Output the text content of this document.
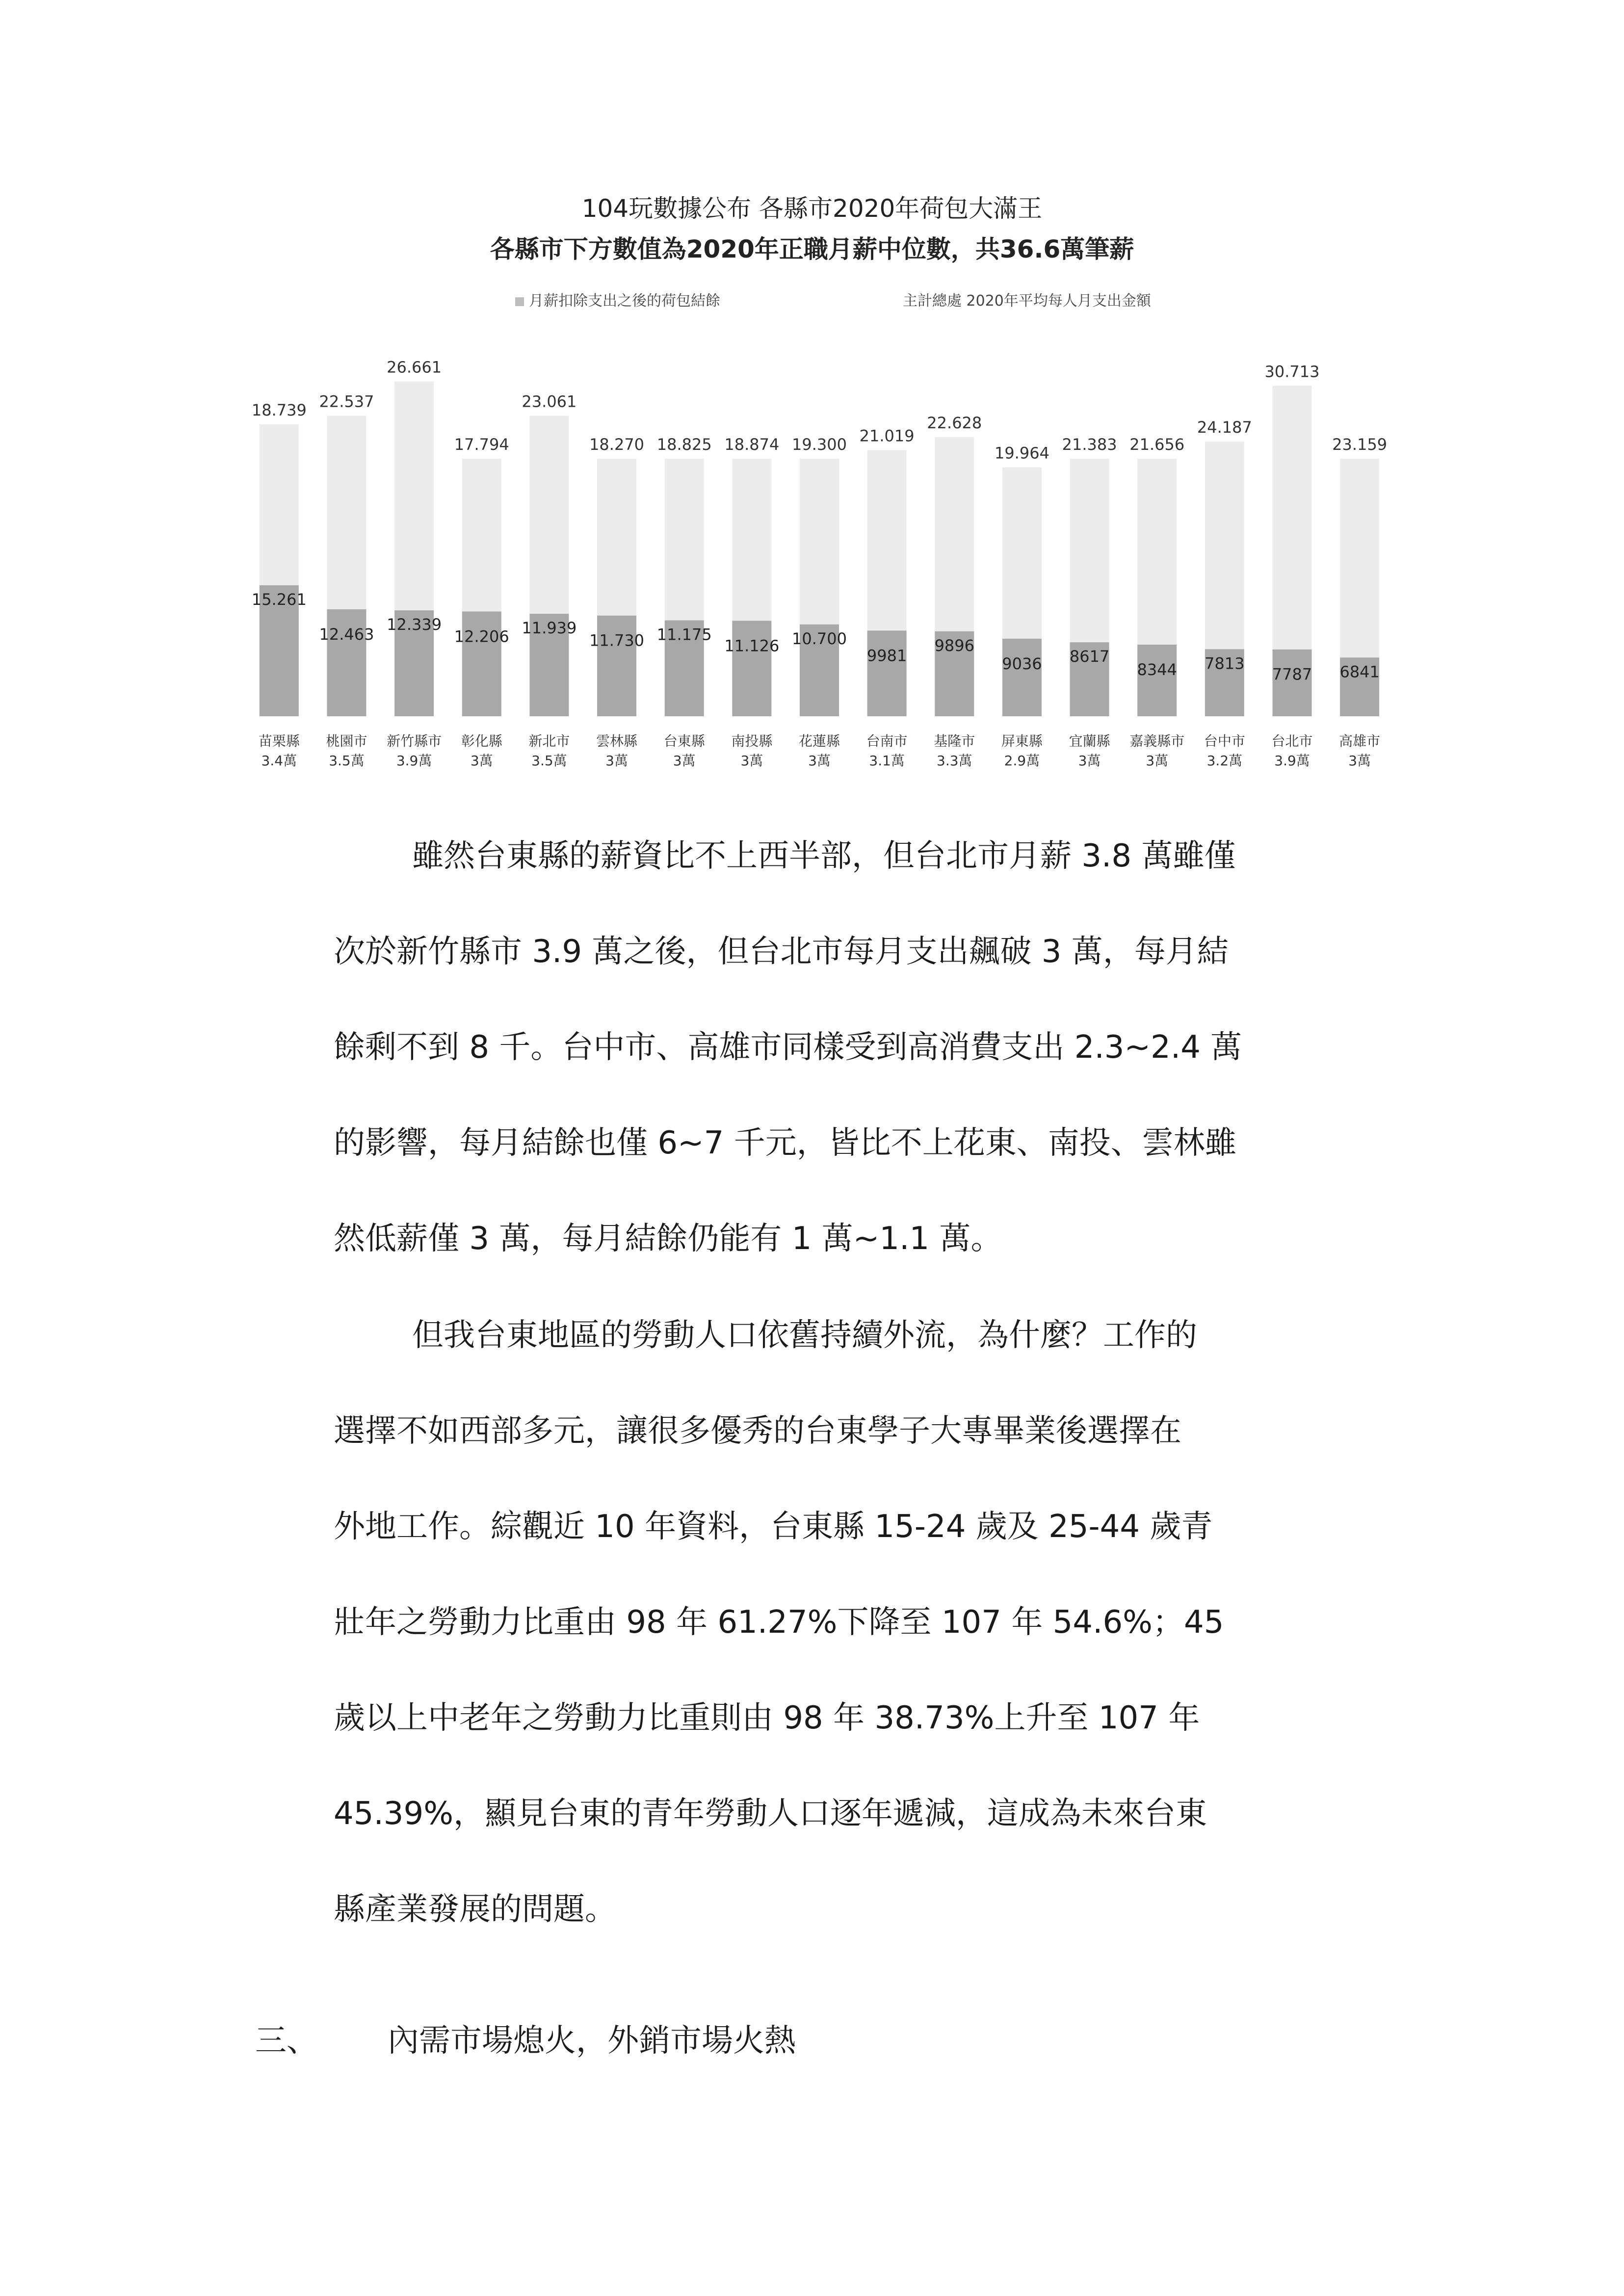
104玩數據公布 各縣市2020年荷包大滿王
各縣市下方數值為2020年正職月薪中位數，共36.6萬筆薪
月薪扣除支出之後的荷包結餘	主計總處 2020年平均每人月支出金額
18.739
15.261
苗栗縣
3.4萬
22.537
12.463
桃園市
3.5萬
26.661
12.339
新竹縣市
3.9萬
17.794
12.206
彰化縣
3萬
23.061
11.939
新北市
3.5萬
18.270
11.730
雲林縣
3萬
18.825
11.175
台東縣
3萬
18.874
11.126
南投縣
3萬
19.300
10.700
花蓮縣
3萬
21.019
9981
台南市
3.1萬
22.628
9896
基隆市
3.3萬
19.964
9036
屏東縣
2.9萬
21.383
8617
宜蘭縣
3萬
21.656
8344
嘉義縣市
3萬
24.187
7813
台中市
3.2萬
30.713
7787
台北市
3.9萬
23.159
6841
高雄市
3萬
雖然台東縣的薪資比不上西半部，但台北市月薪 3.8 萬雖僅
次於新竹縣市 3.9 萬之後，但台北市每月支出飆破 3 萬，每月結
餘剩不到 8 千。台中市、高雄市同樣受到高消費支出 2.3~2.4 萬
的影響，每月結餘也僅 6~7 千元，皆比不上花東、南投、雲林雖
然低薪僅 3 萬，每月結餘仍能有 1 萬~1.1 萬。
但我台東地區的勞動人口依舊持續外流，為什麼？工作的
選擇不如西部多元，讓很多優秀的台東學子大專畢業後選擇在
外地工作。綜觀近 10 年資料，台東縣 15-24 歲及 25-44 歲青
壯年之勞動力比重由 98 年 61.27%下降至 107 年 54.6%；45
歲以上中老年之勞動力比重則由 98 年 38.73%上升至 107 年
45.39%，顯見台東的青年勞動人口逐年遞減，這成為未來台東
縣產業發展的問題。
三、 內需市場熄火，外銷市場火熱
